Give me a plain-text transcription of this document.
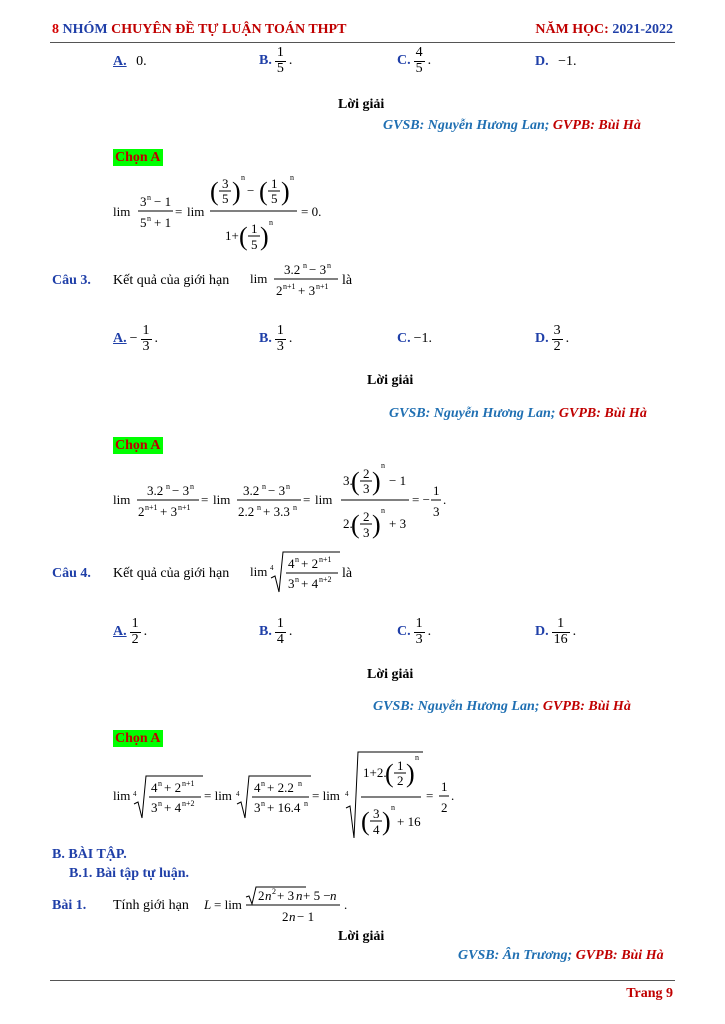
8 NHÓM CHUYÊN ĐỀ TỰ LUẬN TOÁN THPT	NĂM HỌC: 2021-2022
A.
0.	B. $\frac{1}{5}$ .	C. $\frac{4}{5}$ .	D.
−1.
Lời giải
GVSB: Nguyễn Hương Lan; GVPB: Bùi Hà
Chọn A
lim
3 n − 1
5 n + 1
= lim
( 3
5 ) n
− ( 1
5 ) n
1+ ( 1
5 ) n
= 0.
Câu 3. Kết quả của giới hạn lim
3.2 n − 3 n
2 n+1 + 3 n+1 là
A. − $\frac{1}{3}$ .	B. $\frac{1}{3}$ .	C. −1.	D. $\frac{3}{2}$ .
Lời giải
GVSB: Nguyễn Hương Lan; GVPB: Bùi Hà
Chọn A
lim
3.2 n − 3 n
2 n+1 + 3 n+1
= lim
3.2 n − 3 n
2.2 n + 3.3 n
= lim
3.
( 2
3 )
n
− 1
2.
( 2
3 ) n
+ 3
= −
1
3
.
Câu 4. Kết quả của giới hạn lim 4 4 n + 2 n+1
3 n + 4 n+2 là
A. $\frac{1}{2}$ .	B. $\frac{1}{4}$ .	C. $\frac{1}{3}$ .	D. $\frac{1}{16}$ .
Lời giải
GVSB: Nguyễn Hương Lan; GVPB: Bùi Hà
Chọn A
lim 4 4 n + 2 n+1
3 n + 4 n+2
= lim 4 4 n + 2.2 n
3 n + 16.4 n
= lim 4
1+2.
( 1
2 )
n
( 3
4 ) n
+ 16
=
1
2
.
B. BÀI TẬP.
B.1. Bài tập tự luận.
Bài 1. Tính giới hạn L = lim
2 n 2 + 3 n + 5 − n
2 n − 1
.
Lời giải
GVSB: Ân Trương; GVPB: Bùi Hà
Trang 9
